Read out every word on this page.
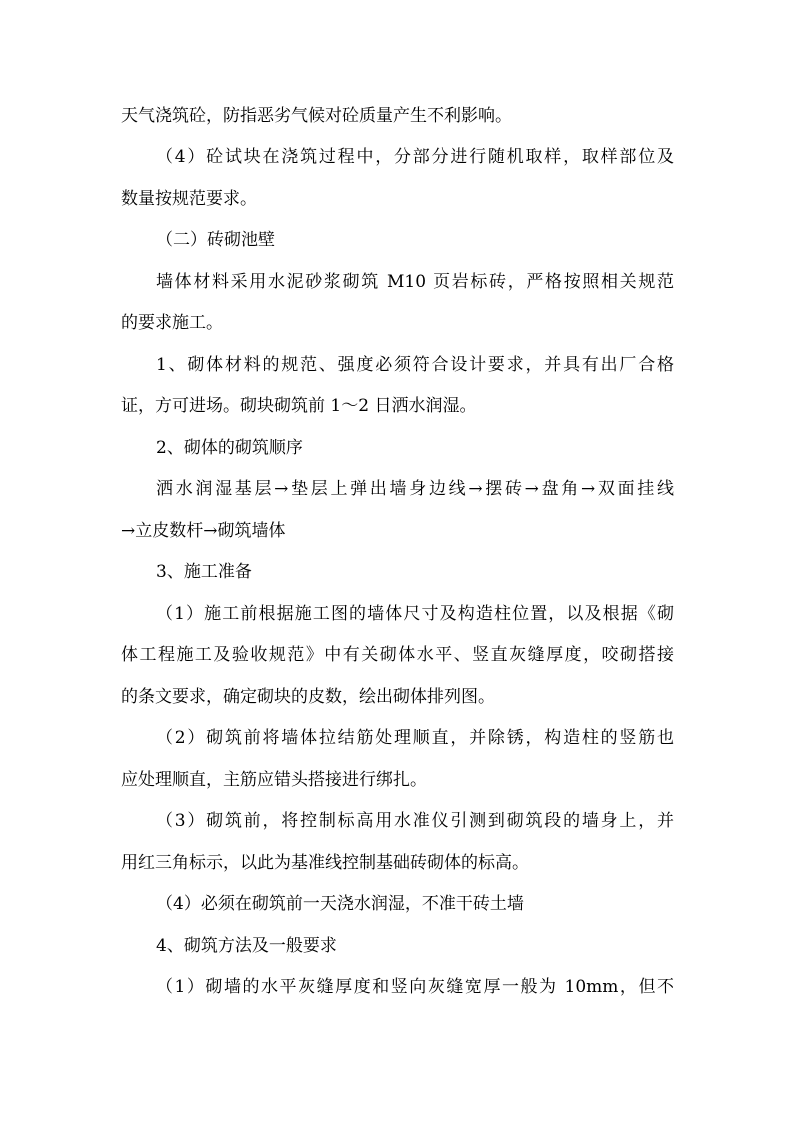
天气浇筑砼，防指恶劣气候对砼质量产生不利影响。
（4）砼试块在浇筑过程中，分部分进行随机取样，取样部位及
数量按规范要求。
（二）砖砌池壁
墙体材料采用水泥砂浆砌筑 M10 页岩标砖，严格按照相关规范
的要求施工。
1、砌体材料的规范、强度必须符合设计要求，并具有出厂合格
证，方可进场。砌块砌筑前 1～2 日洒水润湿。
2、砌体的砌筑顺序
洒水润湿基层→垫层上弹出墙身边线→摆砖→盘角→双面挂线
→立皮数杆→砌筑墙体
3、施工准备
（1）施工前根据施工图的墙体尺寸及构造柱位置，以及根据《砌
体工程施工及验收规范》中有关砌体水平、竖直灰缝厚度，咬砌搭接
的条文要求，确定砌块的皮数，绘出砌体排列图。
（2）砌筑前将墙体拉结筋处理顺直，并除锈，构造柱的竖筋也
应处理顺直，主筋应错头搭接进行绑扎。
（3）砌筑前，将控制标高用水准仪引测到砌筑段的墙身上，并
用红三角标示，以此为基准线控制基础砖砌体的标高。
（4）必须在砌筑前一天浇水润湿，不准干砖土墙
4、砌筑方法及一般要求
（1）砌墙的水平灰缝厚度和竖向灰缝宽厚一般为 10mm，但不
